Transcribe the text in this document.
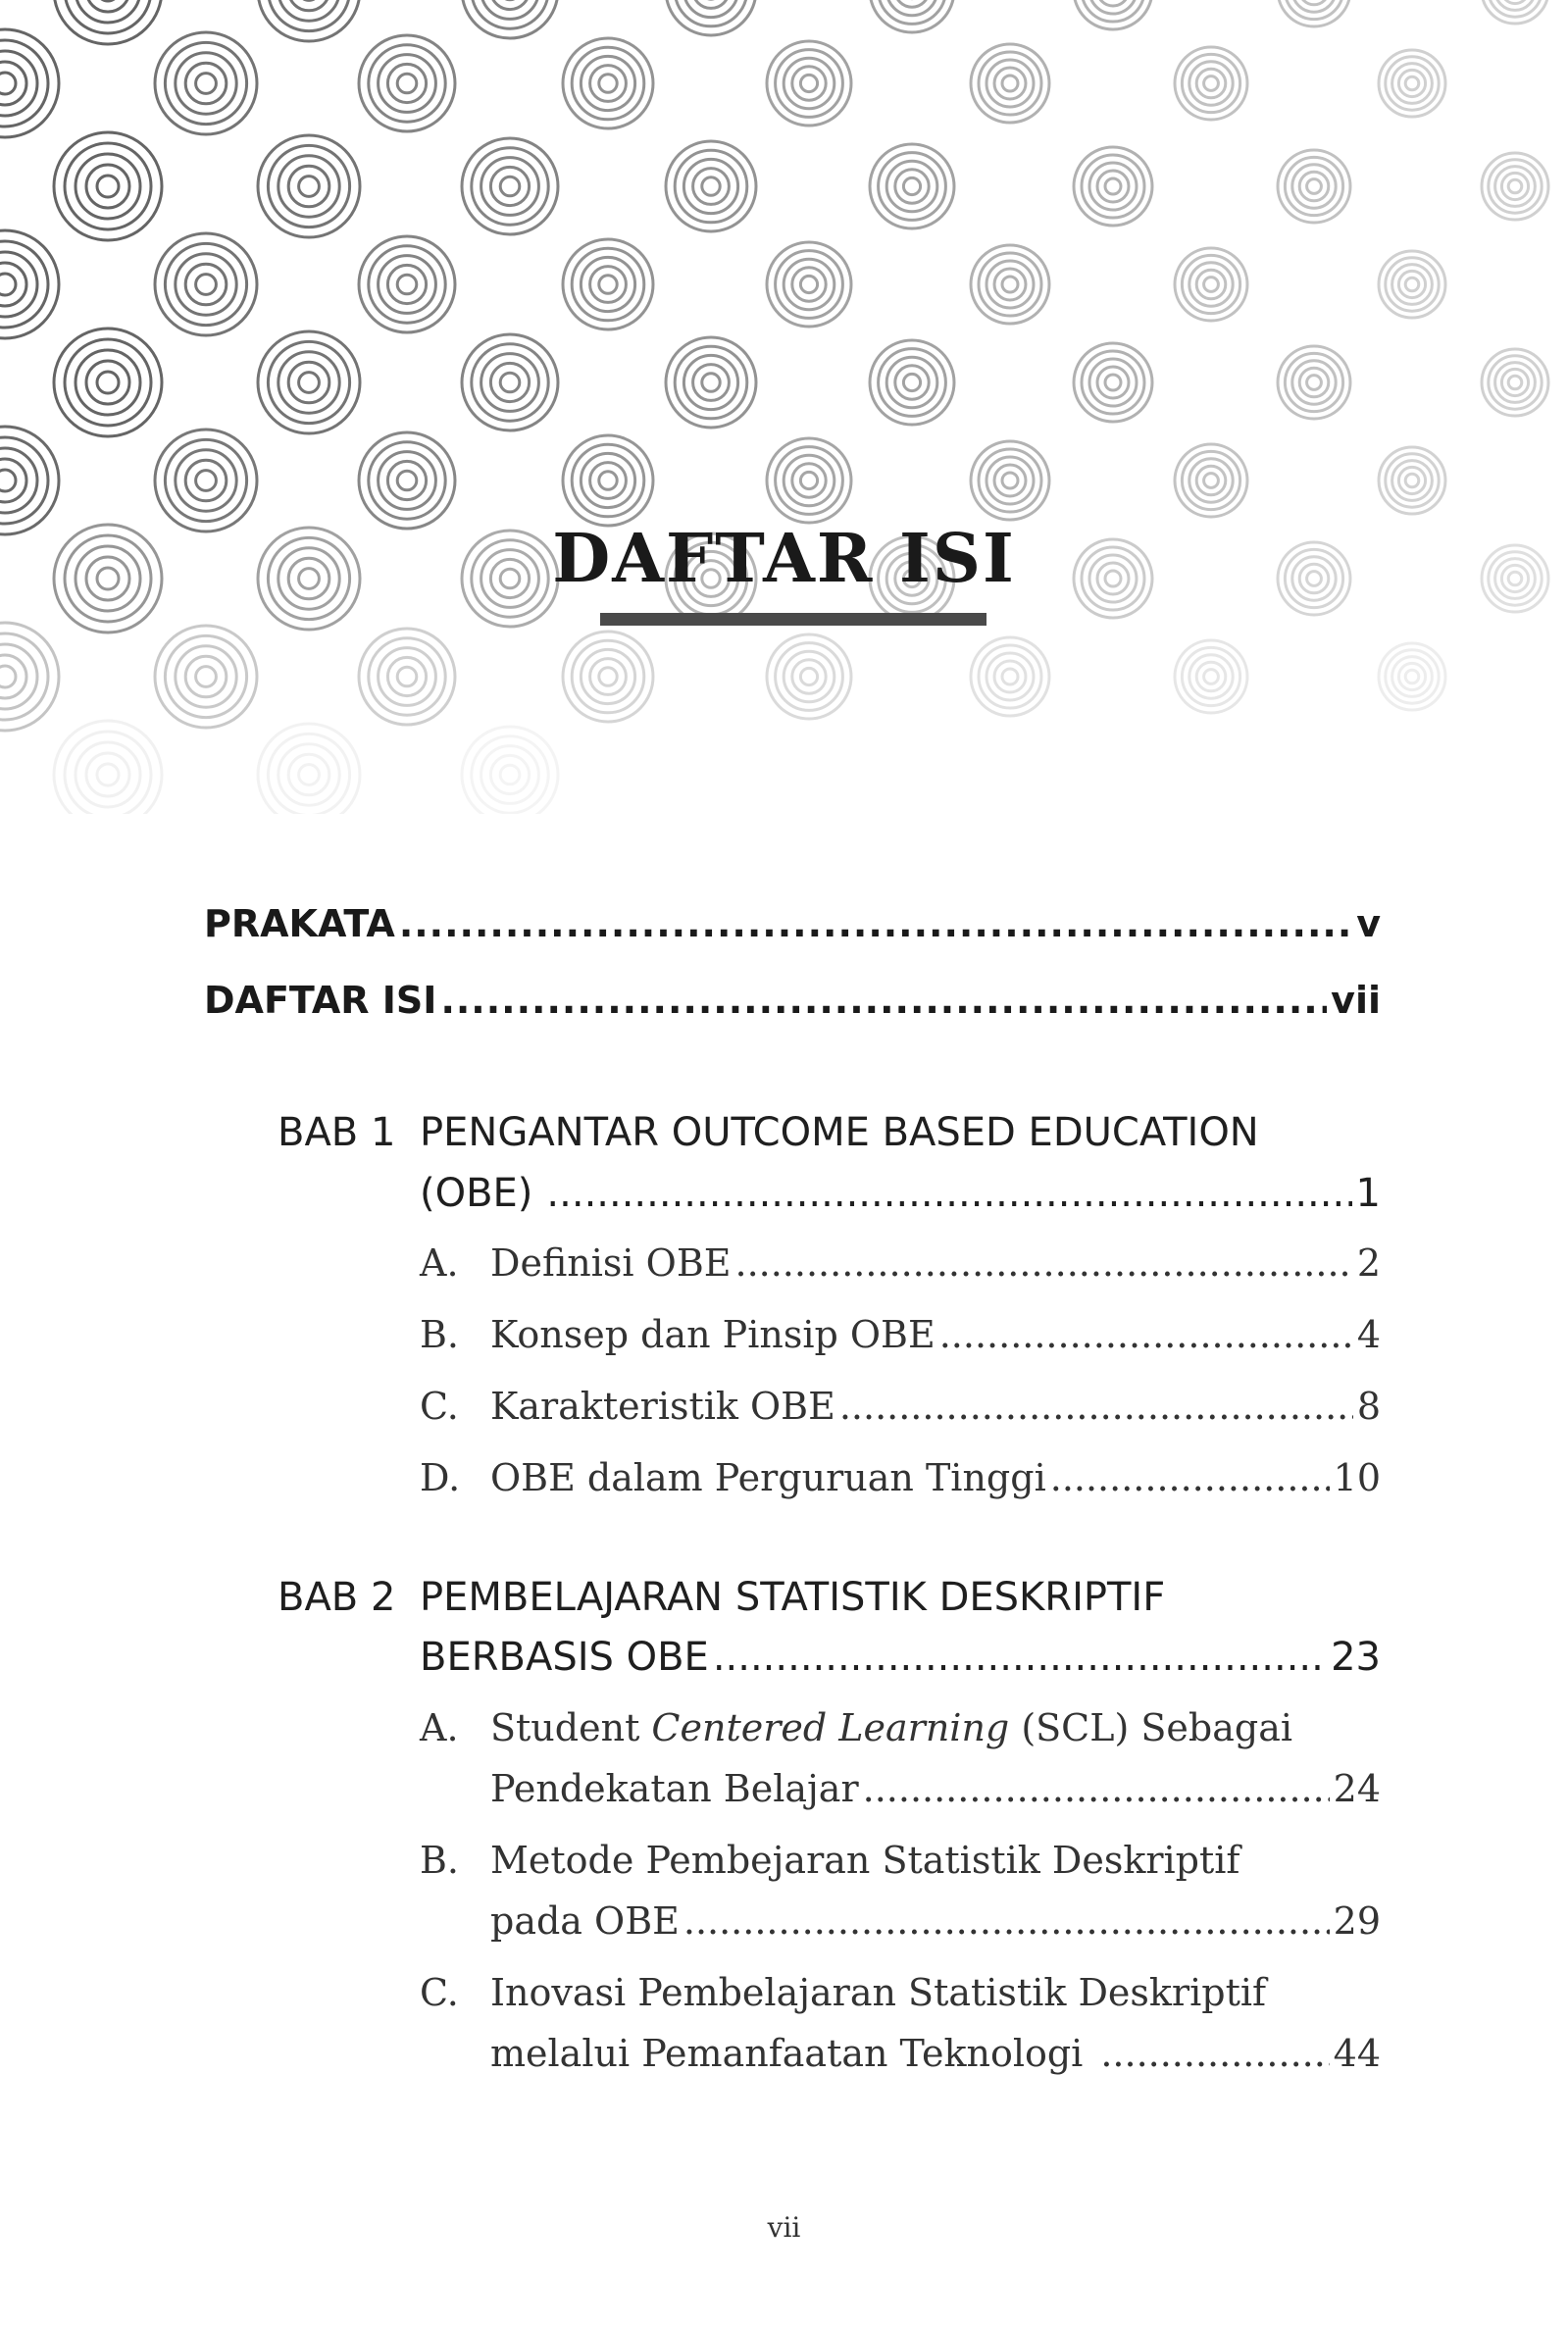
DAFTAR ISI
PRAKATA .....	v
DAFTAR ISI .....	vii
BAB 1 PENGANTAR OUTCOME BASED EDUCATION
(OBE) .....	1
A. Definisi OBE .....	2
B. Konsep dan Pinsip OBE .....	4
C. Karakteristik OBE .....	8
D. OBE dalam Perguruan Tinggi .....	10
BAB 2 PEMBELAJARAN STATISTIK DESKRIPTIF
BERBASIS OBE .....	23
A. Student Centered Learning (SCL) Sebagai
Pendekatan Belajar .....	24
B. Metode Pembejaran Statistik Deskriptif
pada OBE .....	29
C. Inovasi Pembelajaran Statistik Deskriptif
melalui Pemanfaatan Teknologi .....	44
vii
